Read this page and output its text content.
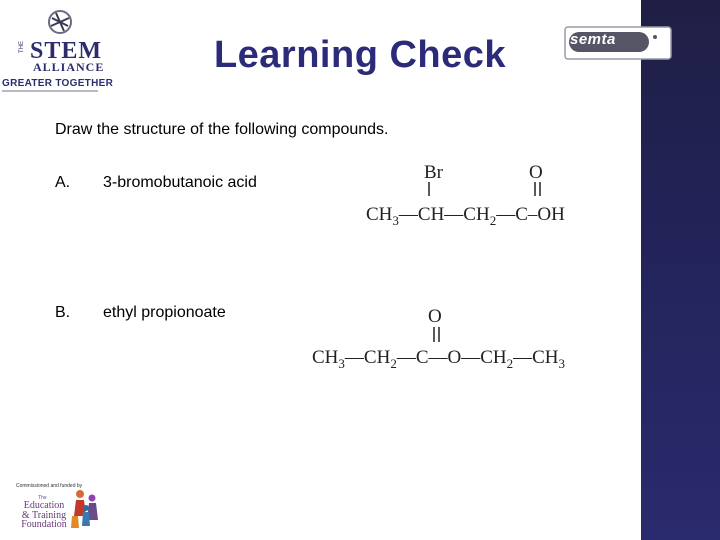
THE STEM
ALLIANCE
GREATER TOGETHER
Learning Check	semta
Draw the structure of the following compounds.
A. 3-bromobutanoic acid	Br	O
$CH_3—CH—CH_2—C-OH$
B. ethyl propionoate	O
$CH_3—CH_2—C—O—CH_2—CH_3$
Commissioned and funded by
The
Education
& Training
Foundation
